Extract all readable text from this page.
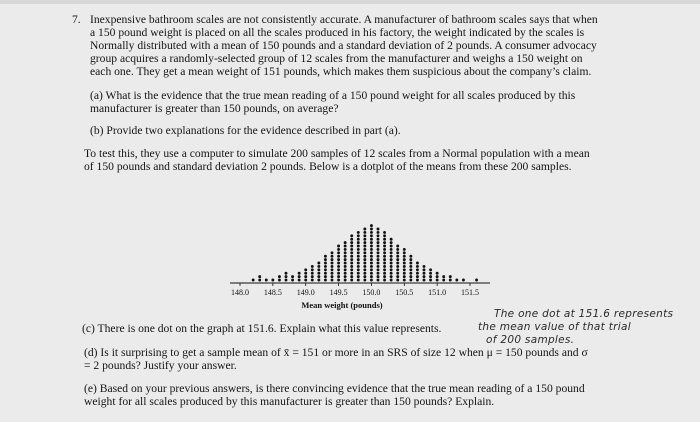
7. Inexpensive bathroom scales are not consistently accurate. A manufacturer of bathroom scales says that when
a 150 pound weight is placed on all the scales produced in his factory, the weight indicated by the scales is
Normally distributed with a mean of 150 pounds and a standard deviation of 2 pounds. A consumer advocacy
group acquires a randomly-selected group of 12 scales from the manufacturer and weighs a 150 weight on
each one. They get a mean weight of 151 pounds, which makes them suspicious about the company’s claim.
(a) What is the evidence that the true mean reading of a 150 pound weight for all scales produced by this
manufacturer is greater than 150 pounds, on average?
(b) Provide two explanations for the evidence described in part (a).
To test this, they use a computer to simulate 200 samples of 12 scales from a Normal population with a mean
of 150 pounds and standard deviation 2 pounds. Below is a dotplot of the means from these 200 samples.
148.0 148.5 149.0 149.5 150.0 150.5 151.0 151.5
Mean weight (pounds)
(c) There is one dot on the graph at 151.6. Explain what this value represents.
(d) Is it surprising to get a sample mean of x̄ = 151 or more in an SRS of size 12 when μ = 150 pounds and σ
= 2 pounds? Justify your answer.
(e) Based on your previous answers, is there convincing evidence that the true mean reading of a 150 pound
weight for all scales produced by this manufacturer is greater than 150 pounds? Explain.
The one dot at 151.6 represents
the mean value of that trial
of 200 samples.
